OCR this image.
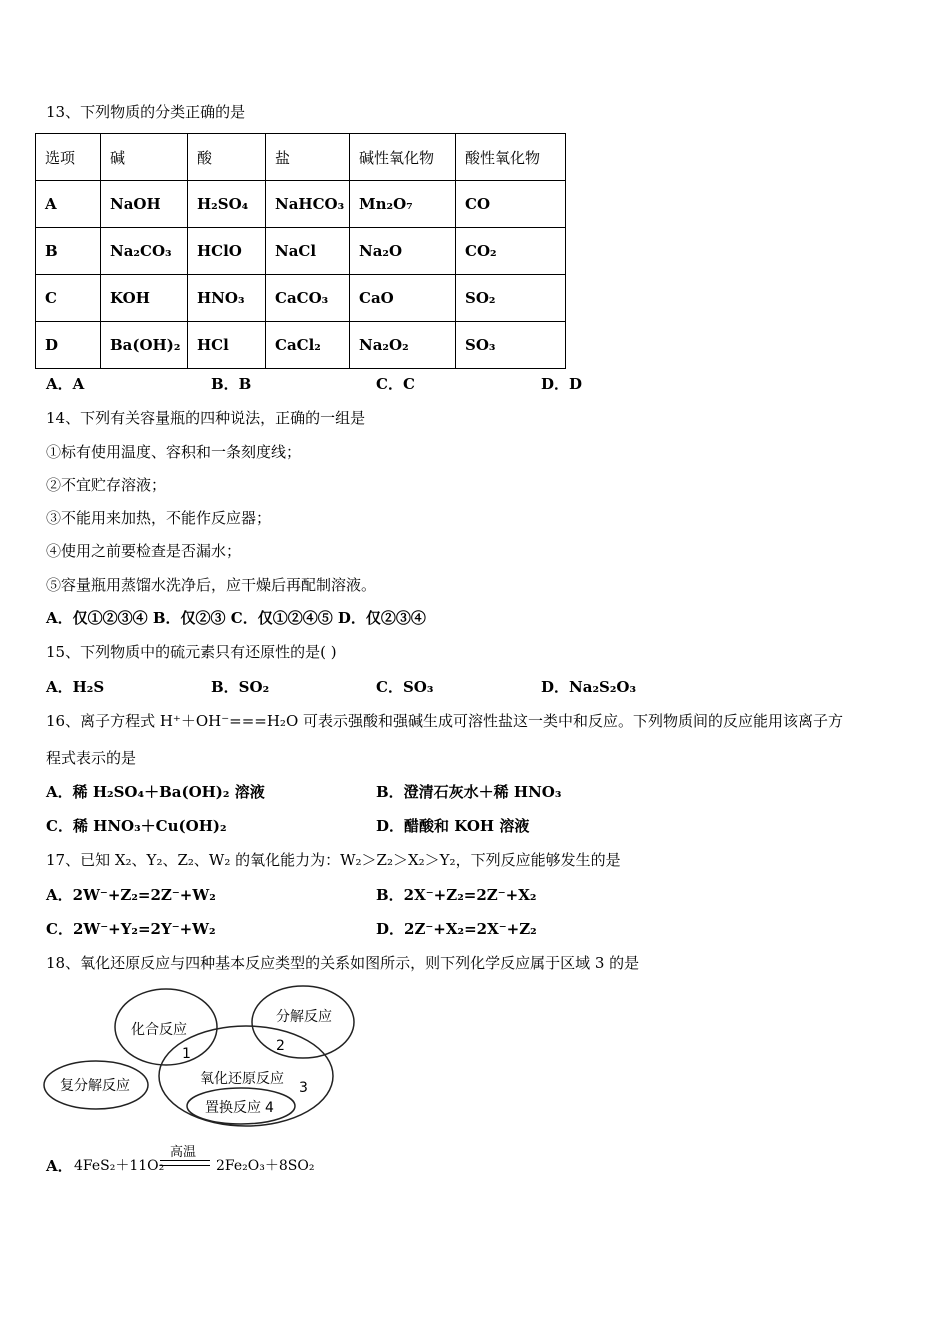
13、下列物质的分类正确的是
选项	碱	酸	盐	碱性氧化物	酸性氧化物
A	NaOH	H₂SO₄	NaHCO₃	Mn₂O₇	CO
B	Na₂CO₃	HClO	NaCl	Na₂O	CO₂
C	KOH	HNO₃	CaCO₃	CaO	SO₂
D	Ba(OH)₂	HCl	CaCl₂	Na₂O₂	SO₃
A．A	B．B	C．C	D．D
14、下列有关容量瓶的四种说法，正确的一组是
①标有使用温度、容积和一条刻度线；
②不宜贮存溶液；
③不能用来加热，不能作反应器；
④使用之前要检查是否漏水；
⑤容量瓶用蒸馏水洗净后，应干燥后再配制溶液。
A．仅①②③④ B．仅②③ C．仅①②④⑤ D．仅②③④
15、下列物质中的硫元素只有还原性的是( )
A．H₂S	B．SO₂	C．SO₃	D．Na₂S₂O₃
16、离子方程式 H⁺＋OH⁻===H₂O 可表示强酸和强碱生成可溶性盐这一类中和反应。下列物质间的反应能用该离子方
程式表示的是
A．稀 H₂SO₄＋Ba(OH)₂ 溶液	B．澄清石灰水＋稀 HNO₃
C．稀 HNO₃＋Cu(OH)₂	D．醋酸和 KOH 溶液
17、已知 X₂、Y₂、Z₂、W₂ 的氧化能力为：W₂＞Z₂＞X₂＞Y₂，下列反应能够发生的是
A．2W⁻+Z₂=2Z⁻+W₂	B．2X⁻+Z₂=2Z⁻+X₂
C．2W⁻+Y₂=2Y⁻+W₂	D．2Z⁻+X₂=2X⁻+Z₂
18、氧化还原反应与四种基本反应类型的关系如图所示，则下列化学反应属于区域 3 的是
化合反应
分解反应
复分解反应	氧化还原反应
置换反应
1	2
3
4
A． 4FeS₂＋11O₂
高温
2Fe₂O₃＋8SO₂
